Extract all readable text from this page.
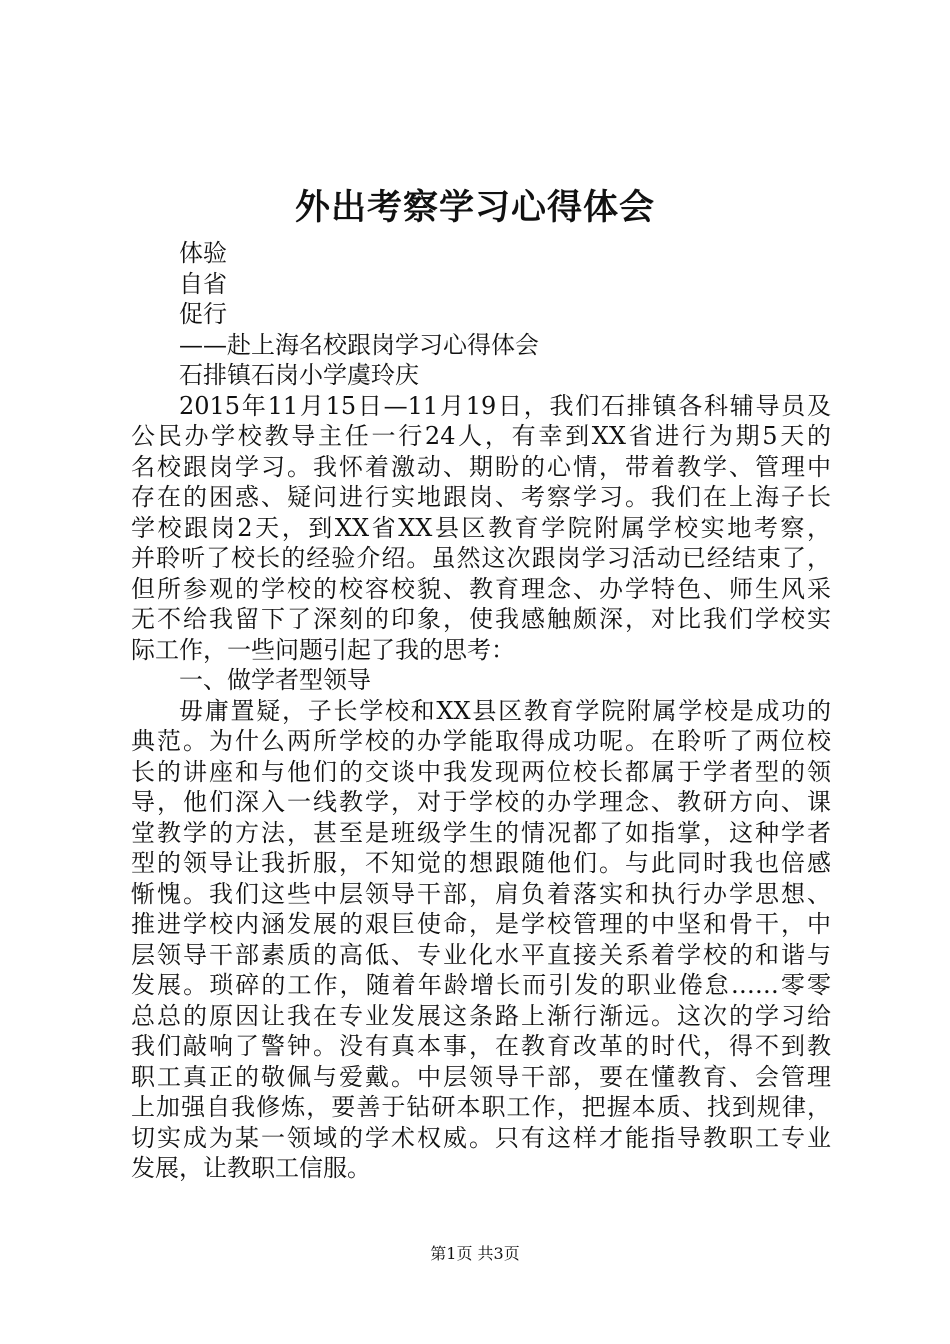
外出考察学习心得体会
体验
自省
促行
——赴上海名校跟岗学习心得体会
石排镇石岗小学虞玲庆
2015年11月15日—11月19日，我们石排镇各科辅导员及
公民办学校教导主任一行24人，有幸到XX省进行为期5天的
名校跟岗学习。我怀着激动、期盼的心情，带着教学、管理中
存在的困惑、疑问进行实地跟岗、考察学习。我们在上海子长
学校跟岗2天，到XX省XX县区教育学院附属学校实地考察，
并聆听了校长的经验介绍。虽然这次跟岗学习活动已经结束了，
但所参观的学校的校容校貌、教育理念、办学特色、师生风采
无不给我留下了深刻的印象，使我感触颇深，对比我们学校实
际工作，一些问题引起了我的思考：
一、做学者型领导
毋庸置疑，子长学校和XX县区教育学院附属学校是成功的
典范。为什么两所学校的办学能取得成功呢。在聆听了两位校
长的讲座和与他们的交谈中我发现两位校长都属于学者型的领
导，他们深入一线教学，对于学校的办学理念、教研方向、课
堂教学的方法，甚至是班级学生的情况都了如指掌，这种学者
型的领导让我折服，不知觉的想跟随他们。与此同时我也倍感
惭愧。我们这些中层领导干部，肩负着落实和执行办学思想、
推进学校内涵发展的艰巨使命，是学校管理的中坚和骨干，中
层领导干部素质的高低、专业化水平直接关系着学校的和谐与
发展。琐碎的工作，随着年龄增长而引发的职业倦怠……零零
总总的原因让我在专业发展这条路上渐行渐远。这次的学习给
我们敲响了警钟。没有真本事，在教育改革的时代，得不到教
职工真正的敬佩与爱戴。中层领导干部，要在懂教育、会管理
上加强自我修炼，要善于钻研本职工作，把握本质、找到规律，
切实成为某一领域的学术权威。只有这样才能指导教职工专业
发展，让教职工信服。
第1页 共3页
